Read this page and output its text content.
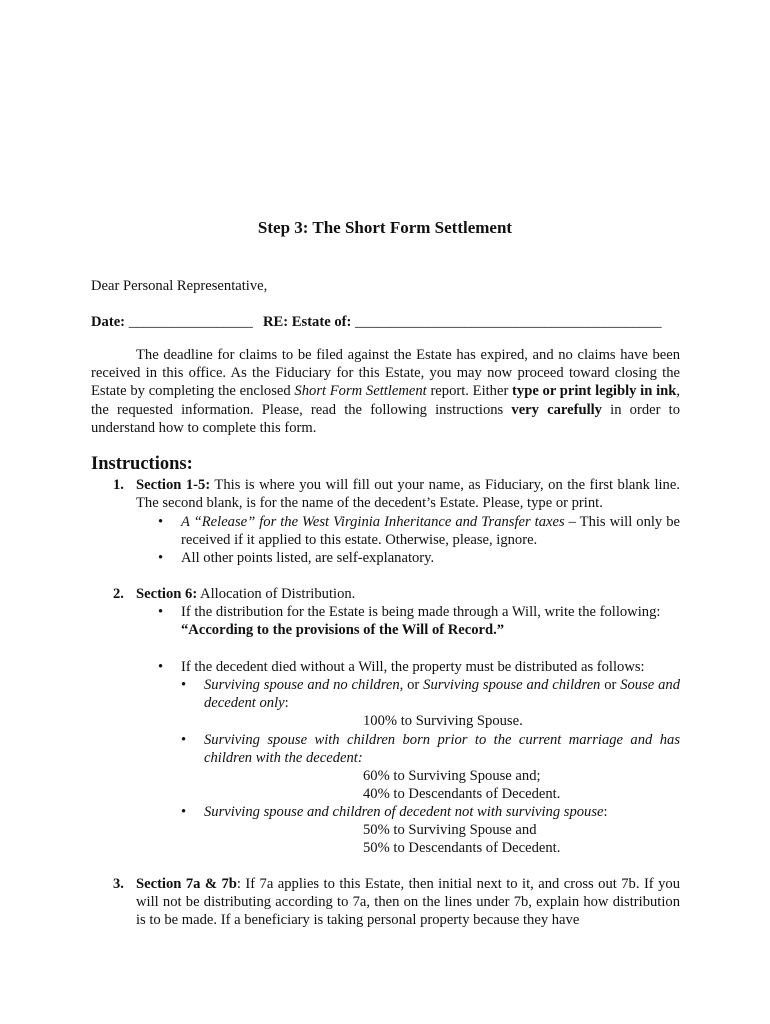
Step 3: The Short Form Settlement
Dear Personal Representative,
Date: _________________ RE: Estate of: __________________________________________
The deadline for claims to be filed against the Estate has expired, and no claims have been received in this office. As the Fiduciary for this Estate, you may now proceed toward closing the Estate by completing the enclosed Short Form Settlement report. Either type or print legibly in ink, the requested information. Please, read the following instructions very carefully in order to understand how to complete this form.
Instructions:
1. Section 1-5: This is where you will fill out your name, as Fiduciary, on the first blank line. The second blank, is for the name of the decedent’s Estate. Please, type or print.
• A “Release” for the West Virginia Inheritance and Transfer taxes – This will only be received if it applied to this estate. Otherwise, please, ignore.
• All other points listed, are self-explanatory.
2. Section 6: Allocation of Distribution.
• If the distribution for the Estate is being made through a Will, write the following:
“According to the provisions of the Will of Record.”
• If the decedent died without a Will, the property must be distributed as follows:
• Surviving spouse and no children, or Surviving spouse and children or Souse and decedent only:
100% to Surviving Spouse.
• Surviving spouse with children born prior to the current marriage and has children with the decedent:
60% to Surviving Spouse and;
40% to Descendants of Decedent.
• Surviving spouse and children of decedent not with surviving spouse:
50% to Surviving Spouse and
50% to Descendants of Decedent.
3. Section 7a & 7b: If 7a applies to this Estate, then initial next to it, and cross out 7b. If you will not be distributing according to 7a, then on the lines under 7b, explain how distribution is to be made. If a beneficiary is taking personal property because they have
